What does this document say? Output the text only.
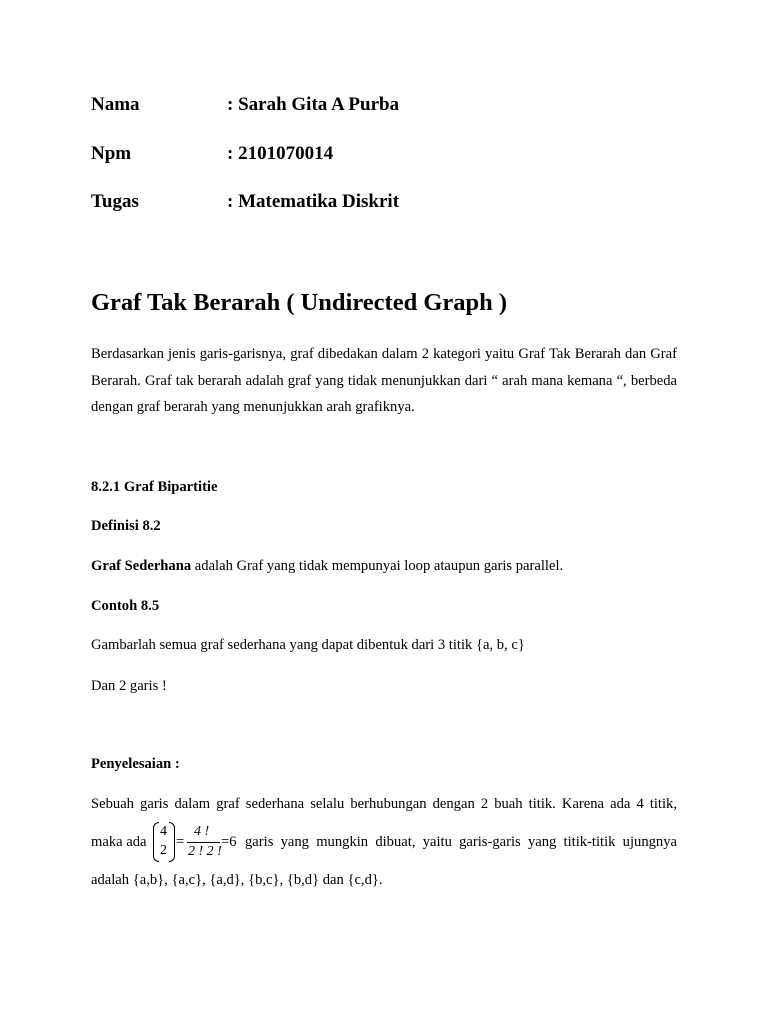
Nama	: Sarah Gita A Purba
Npm	: 2101070014
Tugas	: Matematika Diskrit
Graf Tak Berarah ( Undirected Graph )
Berdasarkan jenis garis-garisnya, graf dibedakan dalam 2 kategori yaitu Graf Tak Berarah dan Graf Berarah. Graf tak berarah adalah graf yang tidak menunjukkan dari “ arah mana kemana “, berbeda dengan graf berarah yang menunjukkan arah grafiknya.
8.2.1 Graf Bipartitie
Definisi 8.2
Graf Sederhana adalah Graf yang tidak mempunyai loop ataupun garis parallel.
Contoh 8.5
Gambarlah semua graf sederhana yang dapat dibentuk dari 3 titik {a, b, c}
Dan 2 garis !
Penyelesaian :
Sebuah garis dalam graf sederhana selalu berhubungan dengan 2 buah titik. Karena ada 4 titik,
maka ada
4
2
=
4 !
2 ! 2 !
=6 garis yang mungkin dibuat, yaitu garis-garis yang titik-titik ujungnya
adalah {a,b}, {a,c}, {a,d}, {b,c}, {b,d} dan {c,d}.
